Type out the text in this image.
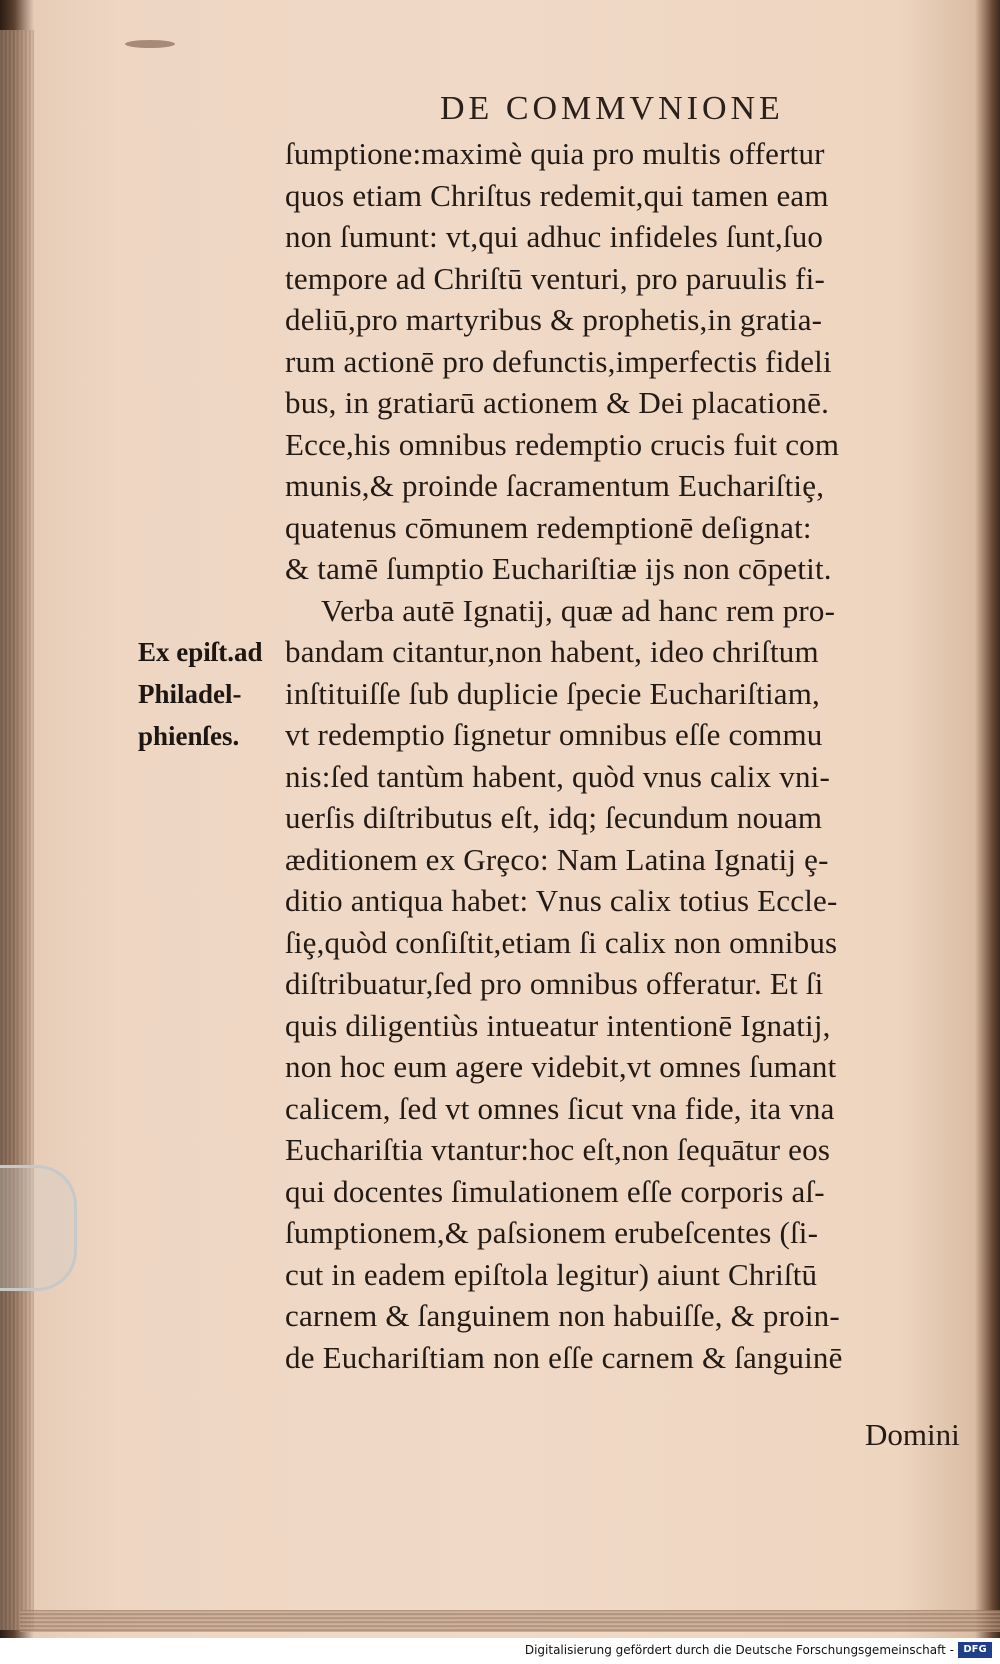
DE COMMVNIONE
Ex epiſt.ad
Philadel-
phienſes.
ſumptione:maximè quia pro multis offertur
quos etiam Chriſtus redemit,qui tamen eam
non ſumunt: vt,qui adhuc infideles ſunt,ſuo
tempore ad Chriſtū venturi, pro paruulis fi-
deliū,pro martyribus & prophetis,in gratia-
rum actionē pro defunctis,imperfectis fideli
bus, in gratiarū actionem & Dei placationē.
Ecce,his omnibus redemptio crucis fuit com
munis,& proinde ſacramentum Euchariſtiȩ,
quatenus cōmunem redemptionē deſignat:
& tamē ſumptio Euchariſtiæ ijs non cōpetit.
Verba autē Ignatij, quæ ad hanc rem pro-
bandam citantur,non habent, ideo chriſtum
inſtituiſſe ſub duplicie ſpecie Euchariſtiam,
vt redemptio ſignetur omnibus eſſe commu
nis:ſed tantùm habent, quòd vnus calix vni-
uerſis diſtributus eſt, idq; ſecundum nouam
æditionem ex Grȩco: Nam Latina Ignatij ȩ-
ditio antiqua habet: Vnus calix totius Eccle-
ſiȩ,quòd conſiſtit,etiam ſi calix non omnibus
diſtribuatur,ſed pro omnibus offeratur. Et ſi
quis diligentiùs intueatur intentionē Ignatij,
non hoc eum agere videbit,vt omnes ſumant
calicem, ſed vt omnes ſicut vna fide, ita vna
Euchariſtia vtantur:hoc eſt,non ſequātur eos
qui docentes ſimulationem eſſe corporis aſ-
ſumptionem,& paſsionem erubeſcentes (ſi-
cut in eadem epiſtola legitur) aiunt Chriſtū
carnem & ſanguinem non habuiſſe, & proin-
de Euchariſtiam non eſſe carnem & ſanguinē
Domini
Digitalisierung gefördert durch die Deutsche Forschungsgemeinschaft - DFG
